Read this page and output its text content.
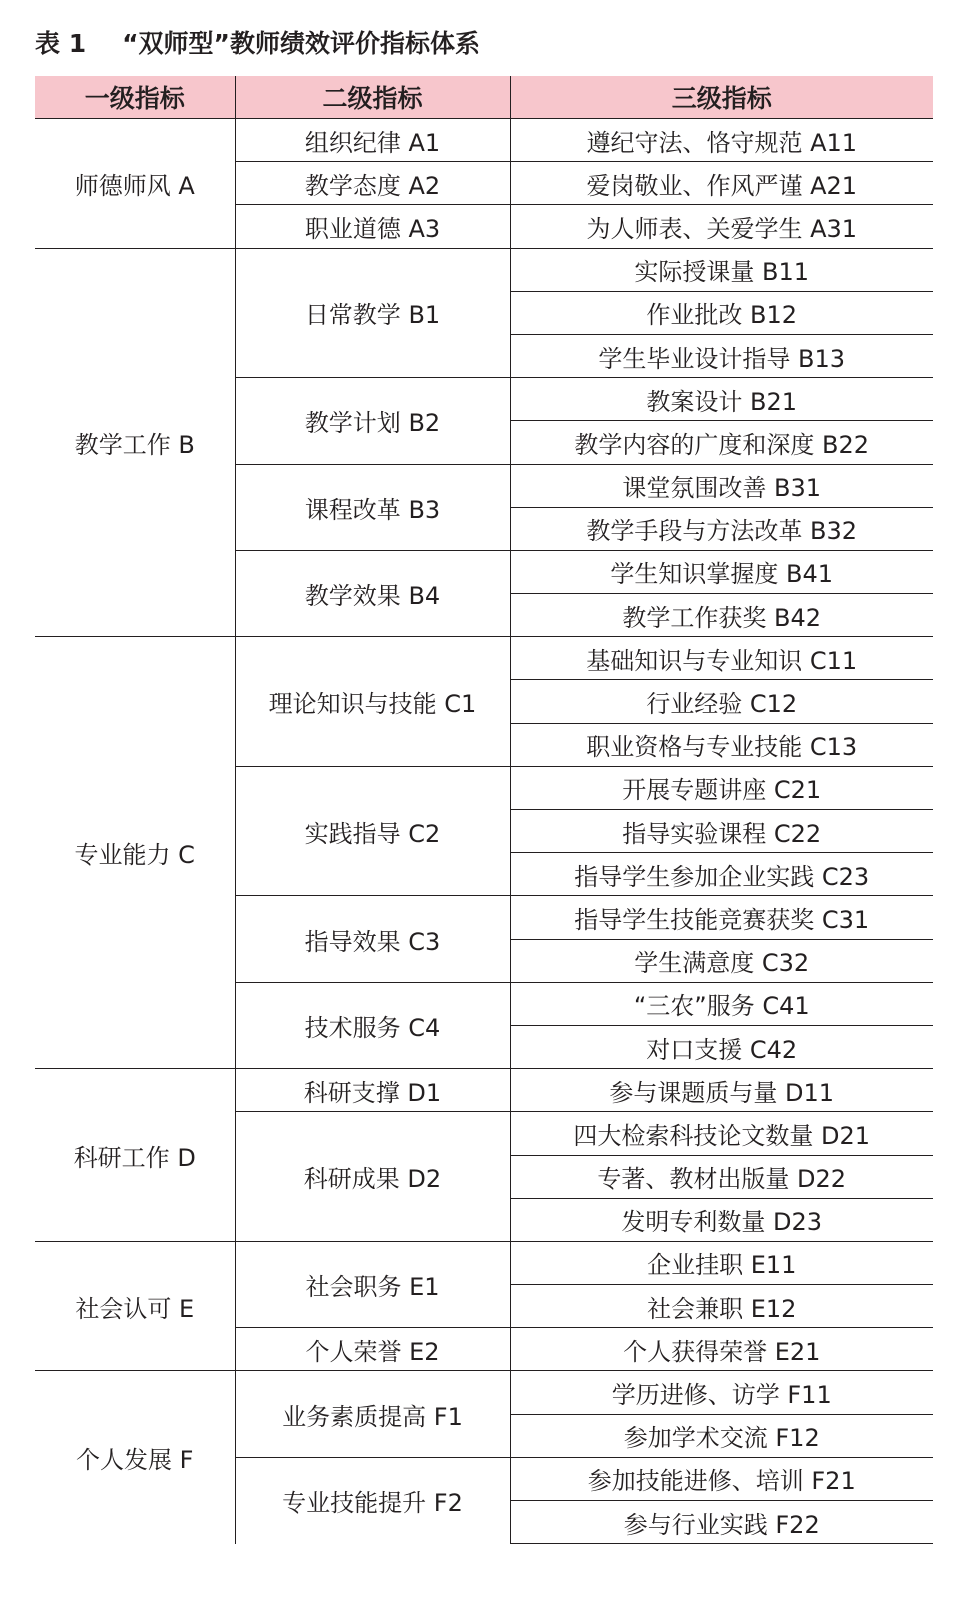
表 1 “双师型”教师绩效评价指标体系
一级指标	二级指标	三级指标
师德师风 A	组织纪律 A1	遵纪守法、恪守规范 A11
	教学态度 A2	爱岗敬业、作风严谨 A21
	职业道德 A3	为人师表、关爱学生 A31
教学工作 B	日常教学 B1	实际授课量 B11
		作业批改 B12
		学生毕业设计指导 B13
	教学计划 B2	教案设计 B21
		教学内容的广度和深度 B22
	课程改革 B3	课堂氛围改善 B31
		教学手段与方法改革 B32
	教学效果 B4	学生知识掌握度 B41
		教学工作获奖 B42
专业能力 C	理论知识与技能 C1	基础知识与专业知识 C11
		行业经验 C12
		职业资格与专业技能 C13
	实践指导 C2	开展专题讲座 C21
		指导实验课程 C22
		指导学生参加企业实践 C23
	指导效果 C3	指导学生技能竞赛获奖 C31
		学生满意度 C32
	技术服务 C4	“三农”服务 C41
		对口支援 C42
科研工作 D	科研支撑 D1	参与课题质与量 D11
	科研成果 D2	四大检索科技论文数量 D21
		专著、教材出版量 D22
		发明专利数量 D23
社会认可 E	社会职务 E1	企业挂职 E11
		社会兼职 E12
	个人荣誉 E2	个人获得荣誉 E21
个人发展 F	业务素质提高 F1	学历进修、访学 F11
		参加学术交流 F12
	专业技能提升 F2	参加技能进修、培训 F21
		参与行业实践 F22
